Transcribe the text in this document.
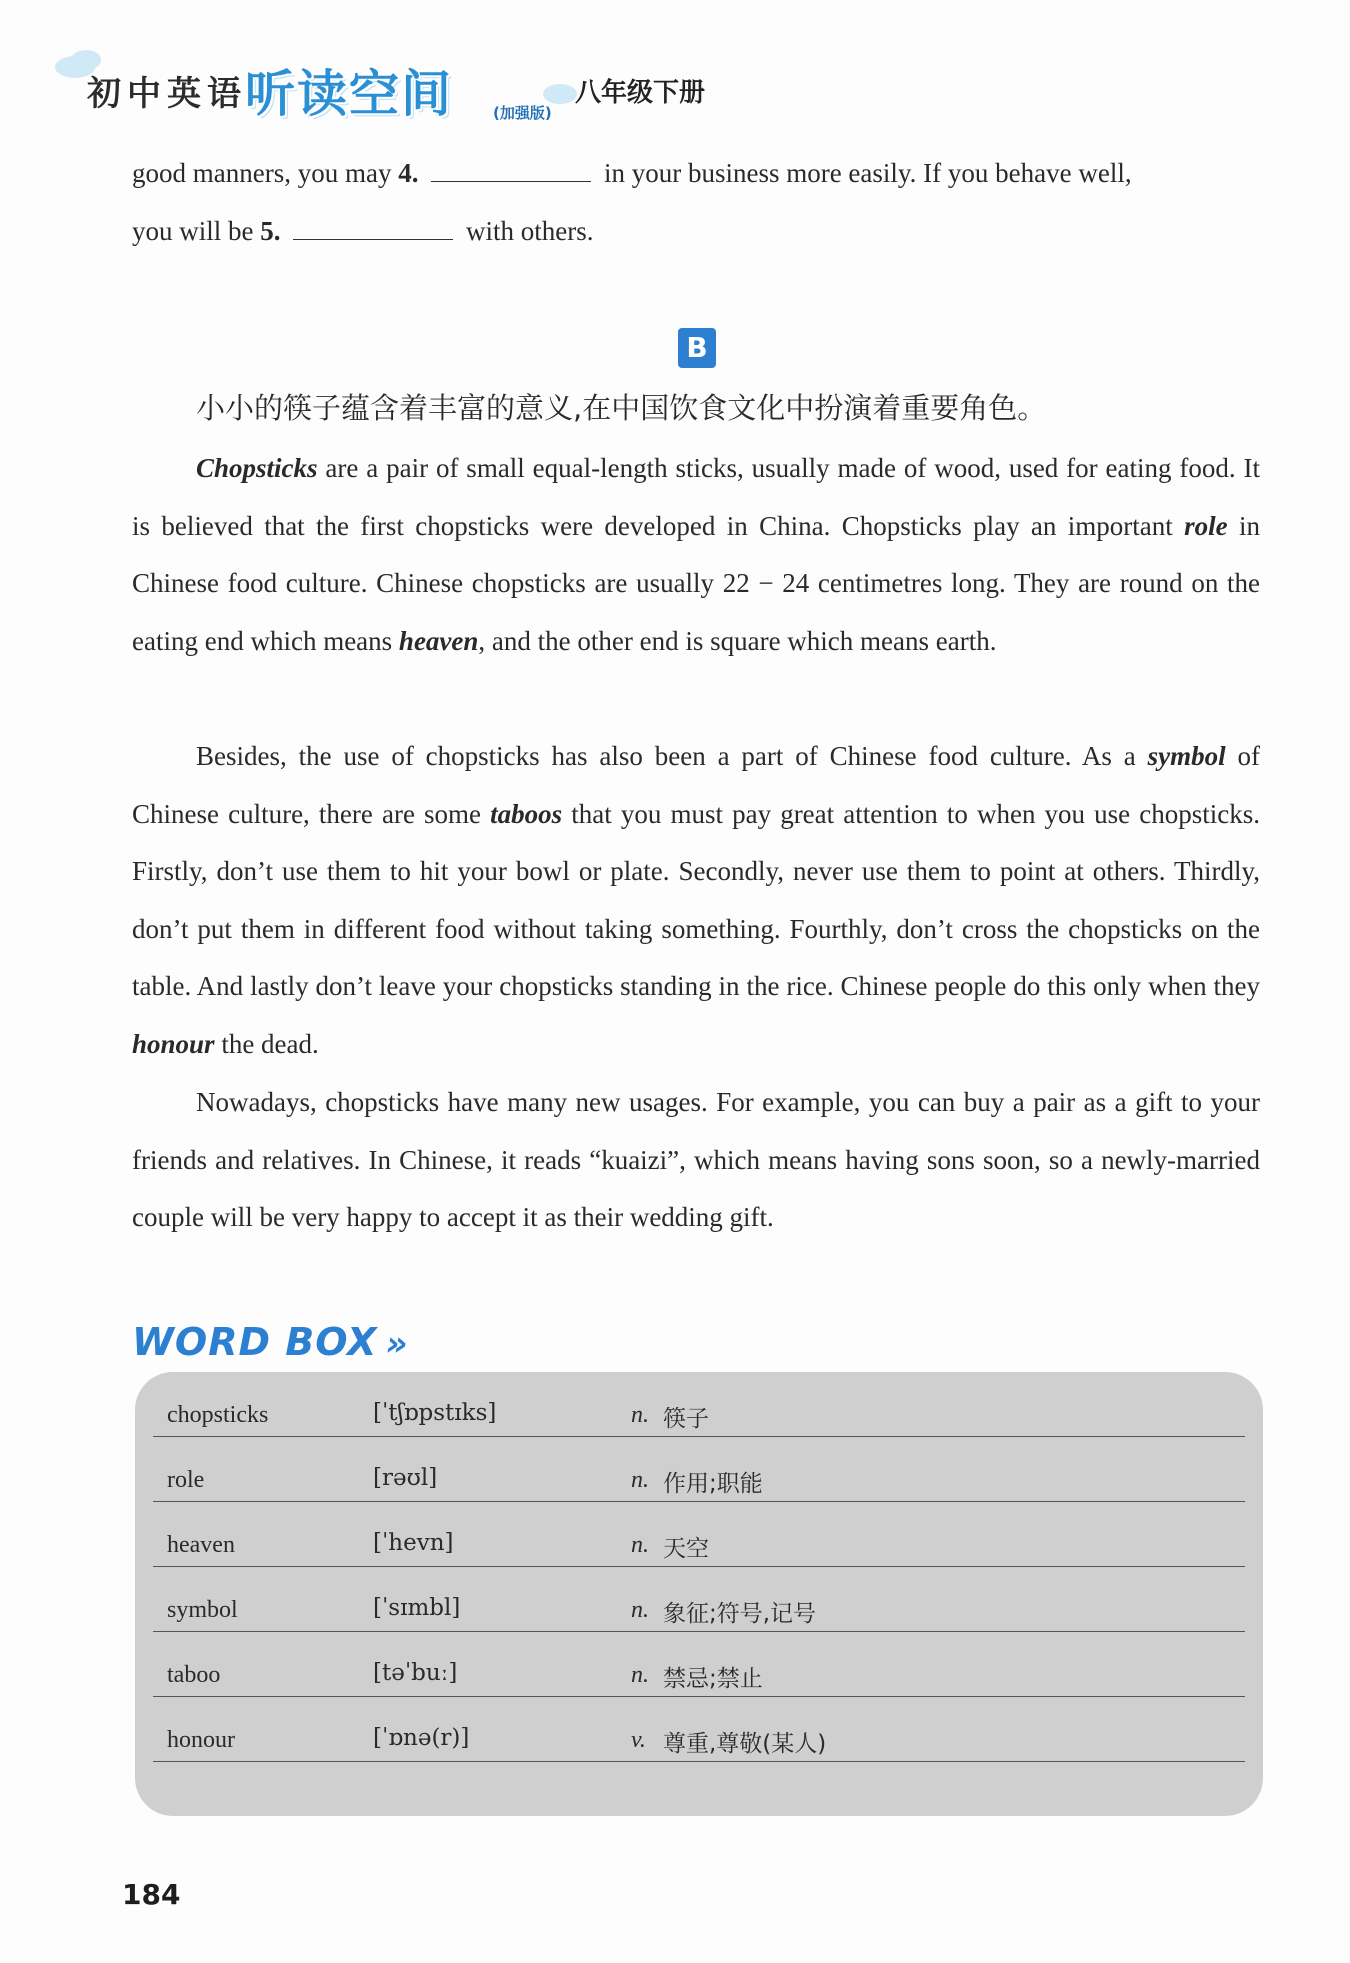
初中英语
听读空间	(加强版)
八年级下册
good manners, you may 4.	in your business more easily. If you behave well,
you will be 5.	with others.
B
小小的筷子蕴含着丰富的意义,在中国饮食文化中扮演着重要角色。
Chopsticks are a pair of small equal-length sticks, usually made of wood, used for eating food. It is believed that the first chopsticks were developed in China. Chopsticks play an important role in Chinese food culture. Chinese chopsticks are usually 22 − 24 centimetres long. They are round on the eating end which means heaven, and the other end is square which means earth.
Besides, the use of chopsticks has also been a part of Chinese food culture. As a symbol of Chinese culture, there are some taboos that you must pay great attention to when you use chopsticks. Firstly, don’t use them to hit your bowl or plate. Secondly, never use them to point at others. Thirdly, don’t put them in different food without taking something. Fourthly, don’t cross the chopsticks on the table. And lastly don’t leave your chopsticks standing in the rice. Chinese people do this only when they honour the dead.
Nowadays, chopsticks have many new usages. For example, you can buy a pair as a gift to your friends and relatives. In Chinese, it reads “kuaizi”, which means having sons soon, so a newly-married couple will be very happy to accept it as their wedding gift.
WORD BOX »
chopsticks	[ˈtʃɒpstɪks]	n. 筷子
role	[rəʊl]	n. 作用;职能
heaven	[ˈhevn]	n. 天空
symbol	[ˈsɪmbl]	n. 象征;符号,记号
taboo	[təˈbuː]	n. 禁忌;禁止
honour	[ˈɒnə(r)]	v. 尊重,尊敬(某人)
184
